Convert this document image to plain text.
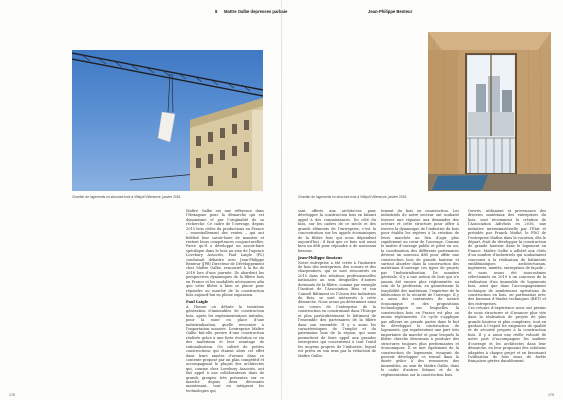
8 Mattre Oalbe depresses parbaie	Jean-Philippe Benteur
Chantier de logements en structure bois à Villejuif Villeneuve, janvier 2018	Chantier de logements en structure bois à Villejuif Villeneuve, janvier 2018

Maître Oalbe est une référence dans l’Hexagone pour la démarche qui est dynamisme et par l’originalité de sa recherche. Ce cadre de l’ouvrage, depuis 2015 bois cèdes du productions en France – essentiellement des ventes – qui ont fidélisé leur savoir-faire de manière et restent leurs compétences conjoncturelles. Parce qu’il a développé un savoir-faire spécifique dans le bois au sein de l’agence Lovebury Associés, Paul Laigle (PL) conduisait débattre avec Jean-Philippe Benteur (JPB) Directeur de Développement chez Maître Oalbe, rencontré à la fin de 2018 lors d’une journée. Ils abordent les perspectives dynamiques de la filière bois en France et les modalités nécessaires afin que cette filière à bien se placer pour répondre au marché de la construction bois aujourd’hui en pleine expansion.

Paul Laigle

À l’heure où débute la troisième génération d’immeubles de construction bois, après les expérimentations initiales, pour la mise en place d’une industrialisation, quelle rencontre à l’importation massive. L’entreprise Maître Oalbe fait-elle preuve d’une construction réalisée grâce à une forte évolution ce via des matériaux et leur avantage de rationalisation. On cultivé de petites constructions qui étaient alors cet effet dans leurs années d’avenir dans ce contexte proposé par un plan compétitif et accompagnant le plaçait des architectes qui, comme chez Lovebury Associés, ont fait appel à nos collaborateurs dans de grands groupes très présentes sur ce marché depuis deux décennies maintenant, tout en intégrant les technologies qui

sont offerts aux architectes pour développer la construction bois en faisant appel à des connaissances. Du côté du bois, sur les cadres de ce siècle et des grands éléments de l’entreprise, c’est la concentration sur les appels économiques de la filière bois qui nous dépendent aujourd’hui : il faut que ce bois soit aussi bien un défi pour répondre à de nouveaux besoins.

Jean-Philippe Benteur

Notre entreprise a été créée à l’initiative de bois des entreprises, des scieurs et des charpentiers, qui se sont rencontrés en 2015 dans des relations professionnelles nationales au sein desquelles d’autres dormants de la filière, comme par exemple l’Institut de l’Association Bois et son Conseil Bâtiment ou l’Union des Industries du Bois, se sont intéressés à cette démarche. Nous avons pu déterminer ainsi ces cœurs de l’entreprise de la construction en construisant dans l’Europe et plus particulièrement le bâtiment de l’ensemble des partenaires de la filière dans son ensemble. Il y a aussi les caractéristiques de l’emploi et du patrimoine bois de la région, qui nous permettent de faire appel aux grandes entreprises qui concentrent à tout l’outil les moyens propres de l’industrie, lequel est prévu en son sens par la rédaction de Maître Oalbe.

tement du bois en construction. Les industriels de notre secteur ont souhaité trouver une réponse aux demandes des acteurs et cette structure pour offrir à travers la dynamique de l’industrie du bois pour établir les repères à la création de leurs marchés au lieu d’agir plus rapidement au cœur de l’ouvrage. Comme le maître d’ouvrage public et privé en soi, la coordination des différents partenaires devient un nouveau défi pour offrir une construction bois de grande hauteur et surtout aborder dans la construction des matériaux d’ouvrage ces types de projets par l’industrialisation. De manière générale, il y a une notion de bois qui n’a jamais été encore plus réglementée au sein de la profession, en garantissant la traçabilité des matériaux, l’expertise de la fabrication et la sécurité de l’ouvrage. Il y a aussi des contraintes de nature économique et des propositions technologiques sur lesquelles la construction bois en France est plus ou moins réglementée. Ce cycle s’applique par ailleurs en grande partie dans le but de développer la construction de logements, qui représentent une part très importante du marché et pour lesquels la filière cherche désormais à produire des structures toujours plus performantes et économiques. Il se met également de la construction de logements, essayant de pouvoir développer ce travail dans la durée grâce à des ressources des immeubles, au sein de Maître Oalbe, dans le cadre d’autres thèmes et de la réglementation sur la construction bois.

Ouvrés, utilisaient et provenance des diverses matériaux des entreprises du bois, sont récemment la création de l’Association Adivbois en 2016, une initiative interministérielle par l’État et présidée par Franck Mathé, le PDG de l’entreprise Mathis dans la vocation, dès le départ, était de développer la construction de grande hauteur dans le logement en France. Maître Oalbe a adhéré aux côtés d’un nombre d’industriels qui souhaitaient concourir à la réalisation de bâtiments emblématiques – architecturaux, ingénierie, mixités, entreprises de façade – et nous avons été nous-mêmes sélectionnés en 2019 à un concours de la réalisation d’un immeuble de logements bois, ainsi que dans l’accompagnement technique de nombreuses opérations de construction en bois, en partenariat avec des bureaux d’études techniques (BET) et des entreprises.

Ces retours d’expérience nous ont permis de nous structurer et d’avancer plus vite dans la réalisation de projets de plus grande hauteur et plus complexes, tout en gardant à l’esprit les exigences de qualité et de sécurité propres à la construction bois. Il y a aussi une réelle volonté de notre part d’accompagner les maîtres d’ouvrage et les architectes dans leur démarche, en leur proposant des solutions adaptées à chaque projet et en favorisant l’utilisation de bois issus de forêts françaises gérées durablement.

178	179
